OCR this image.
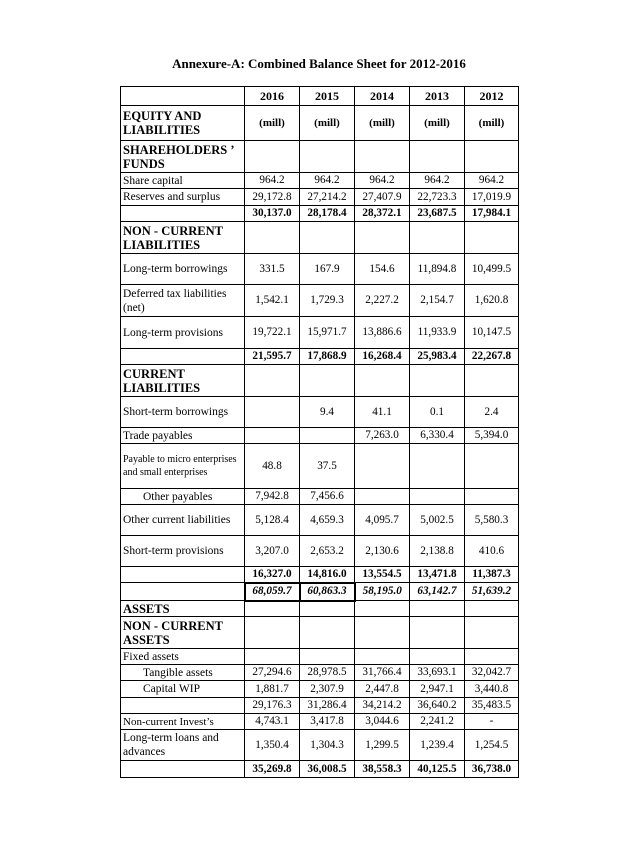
Annexure-A: Combined Balance Sheet for 2012-2016
	2016	2015	2014	2013	2012
EQUITY AND LIABILITIES	(mill)	(mill)	(mill)	(mill)	(mill)
SHAREHOLDERS ’ FUNDS					
Share capital	964.2	964.2	964.2	964.2	964.2
Reserves and surplus	29,172.8	27,214.2	27,407.9	22,723.3	17,019.9
	30,137.0	28,178.4	28,372.1	23,687.5	17,984.1
NON - CURRENT LIABILITIES					
Long-term borrowings	331.5	167.9	154.6	11,894.8	10,499.5
Deferred tax liabilities (net)	1,542.1	1,729.3	2,227.2	2,154.7	1,620.8
Long-term provisions	19,722.1	15,971.7	13,886.6	11,933.9	10,147.5
	21,595.7	17,868.9	16,268.4	25,983.4	22,267.8
CURRENT LIABILITIES					
Short-term borrowings		9.4	41.1	0.1	2.4
Trade payables			7,263.0	6,330.4	5,394.0
Payable to micro enterprises and small enterprises	48.8	37.5			
Other payables	7,942.8	7,456.6			
Other current liabilities	5,128.4	4,659.3	4,095.7	5,002.5	5,580.3
Short-term provisions	3,207.0	2,653.2	2,130.6	2,138.8	410.6
	16,327.0	14,816.0	13,554.5	13,471.8	11,387.3
	68,059.7	60,863.3	58,195.0	63,142.7	51,639.2
ASSETS					
NON - CURRENT ASSETS					
Fixed assets					
Tangible assets	27,294.6	28,978.5	31,766.4	33,693.1	32,042.7
Capital WIP	1,881.7	2,307.9	2,447.8	2,947.1	3,440.8
	29,176.3	31,286.4	34,214.2	36,640.2	35,483.5
Non-current Invest’s	4,743.1	3,417.8	3,044.6	2,241.2	-
Long-term loans and advances	1,350.4	1,304.3	1,299.5	1,239.4	1,254.5
	35,269.8	36,008.5	38,558.3	40,125.5	36,738.0
